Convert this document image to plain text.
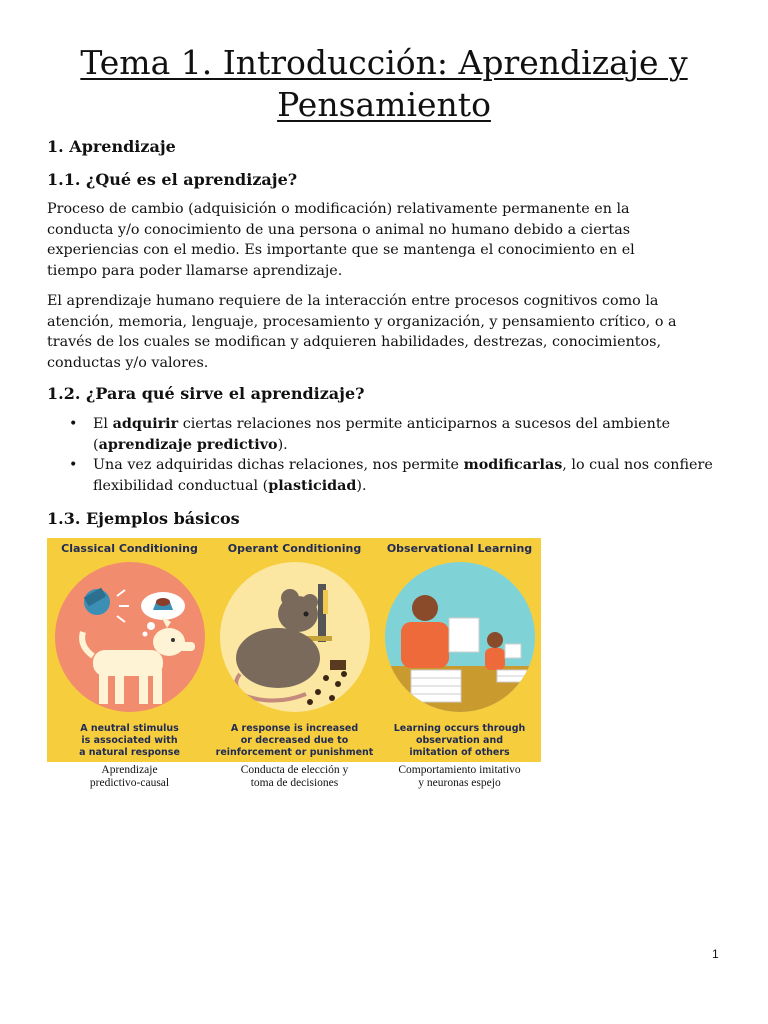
Tema 1. Introducción: Aprendizaje y
Pensamiento
1. Aprendizaje
1.1. ¿Qué es el aprendizaje?

Proceso de cambio (adquisición o modificación) relativamente permanente en la
conducta y/o conocimiento de una persona o animal no humano debido a ciertas
experiencias con el medio. Es importante que se mantenga el conocimiento en el
tiempo para poder llamarse aprendizaje.

El aprendizaje humano requiere de la interacción entre procesos cognitivos como la
atención, memoria, lenguaje, procesamiento y organización, y pensamiento crítico, o a
través de los cuales se modifican y adquieren habilidades, destrezas, conocimientos,
conductas y/o valores.

1.2. ¿Para qué sirve el aprendizaje?
• El adquirir ciertas relaciones nos permite anticiparnos a sucesos del ambiente (aprendizaje predictivo).
• Una vez adquiridas dichas relaciones, nos permite modificarlas, lo cual nos confiere flexibilidad conductual (plasticidad).
1.3. Ejemplos básicos
Classical Conditioning
A neutral stimulus
is associated with
a natural response
Operant Conditioning
A response is increased
or decreased due to
reinforcement or punishment
Observational Learning
Learning occurs through
observation and
imitation of others
Aprendizaje
predictivo-causal
Conducta de elección y
toma de decisiones
Comportamiento imitativo
y neuronas espejo
1
